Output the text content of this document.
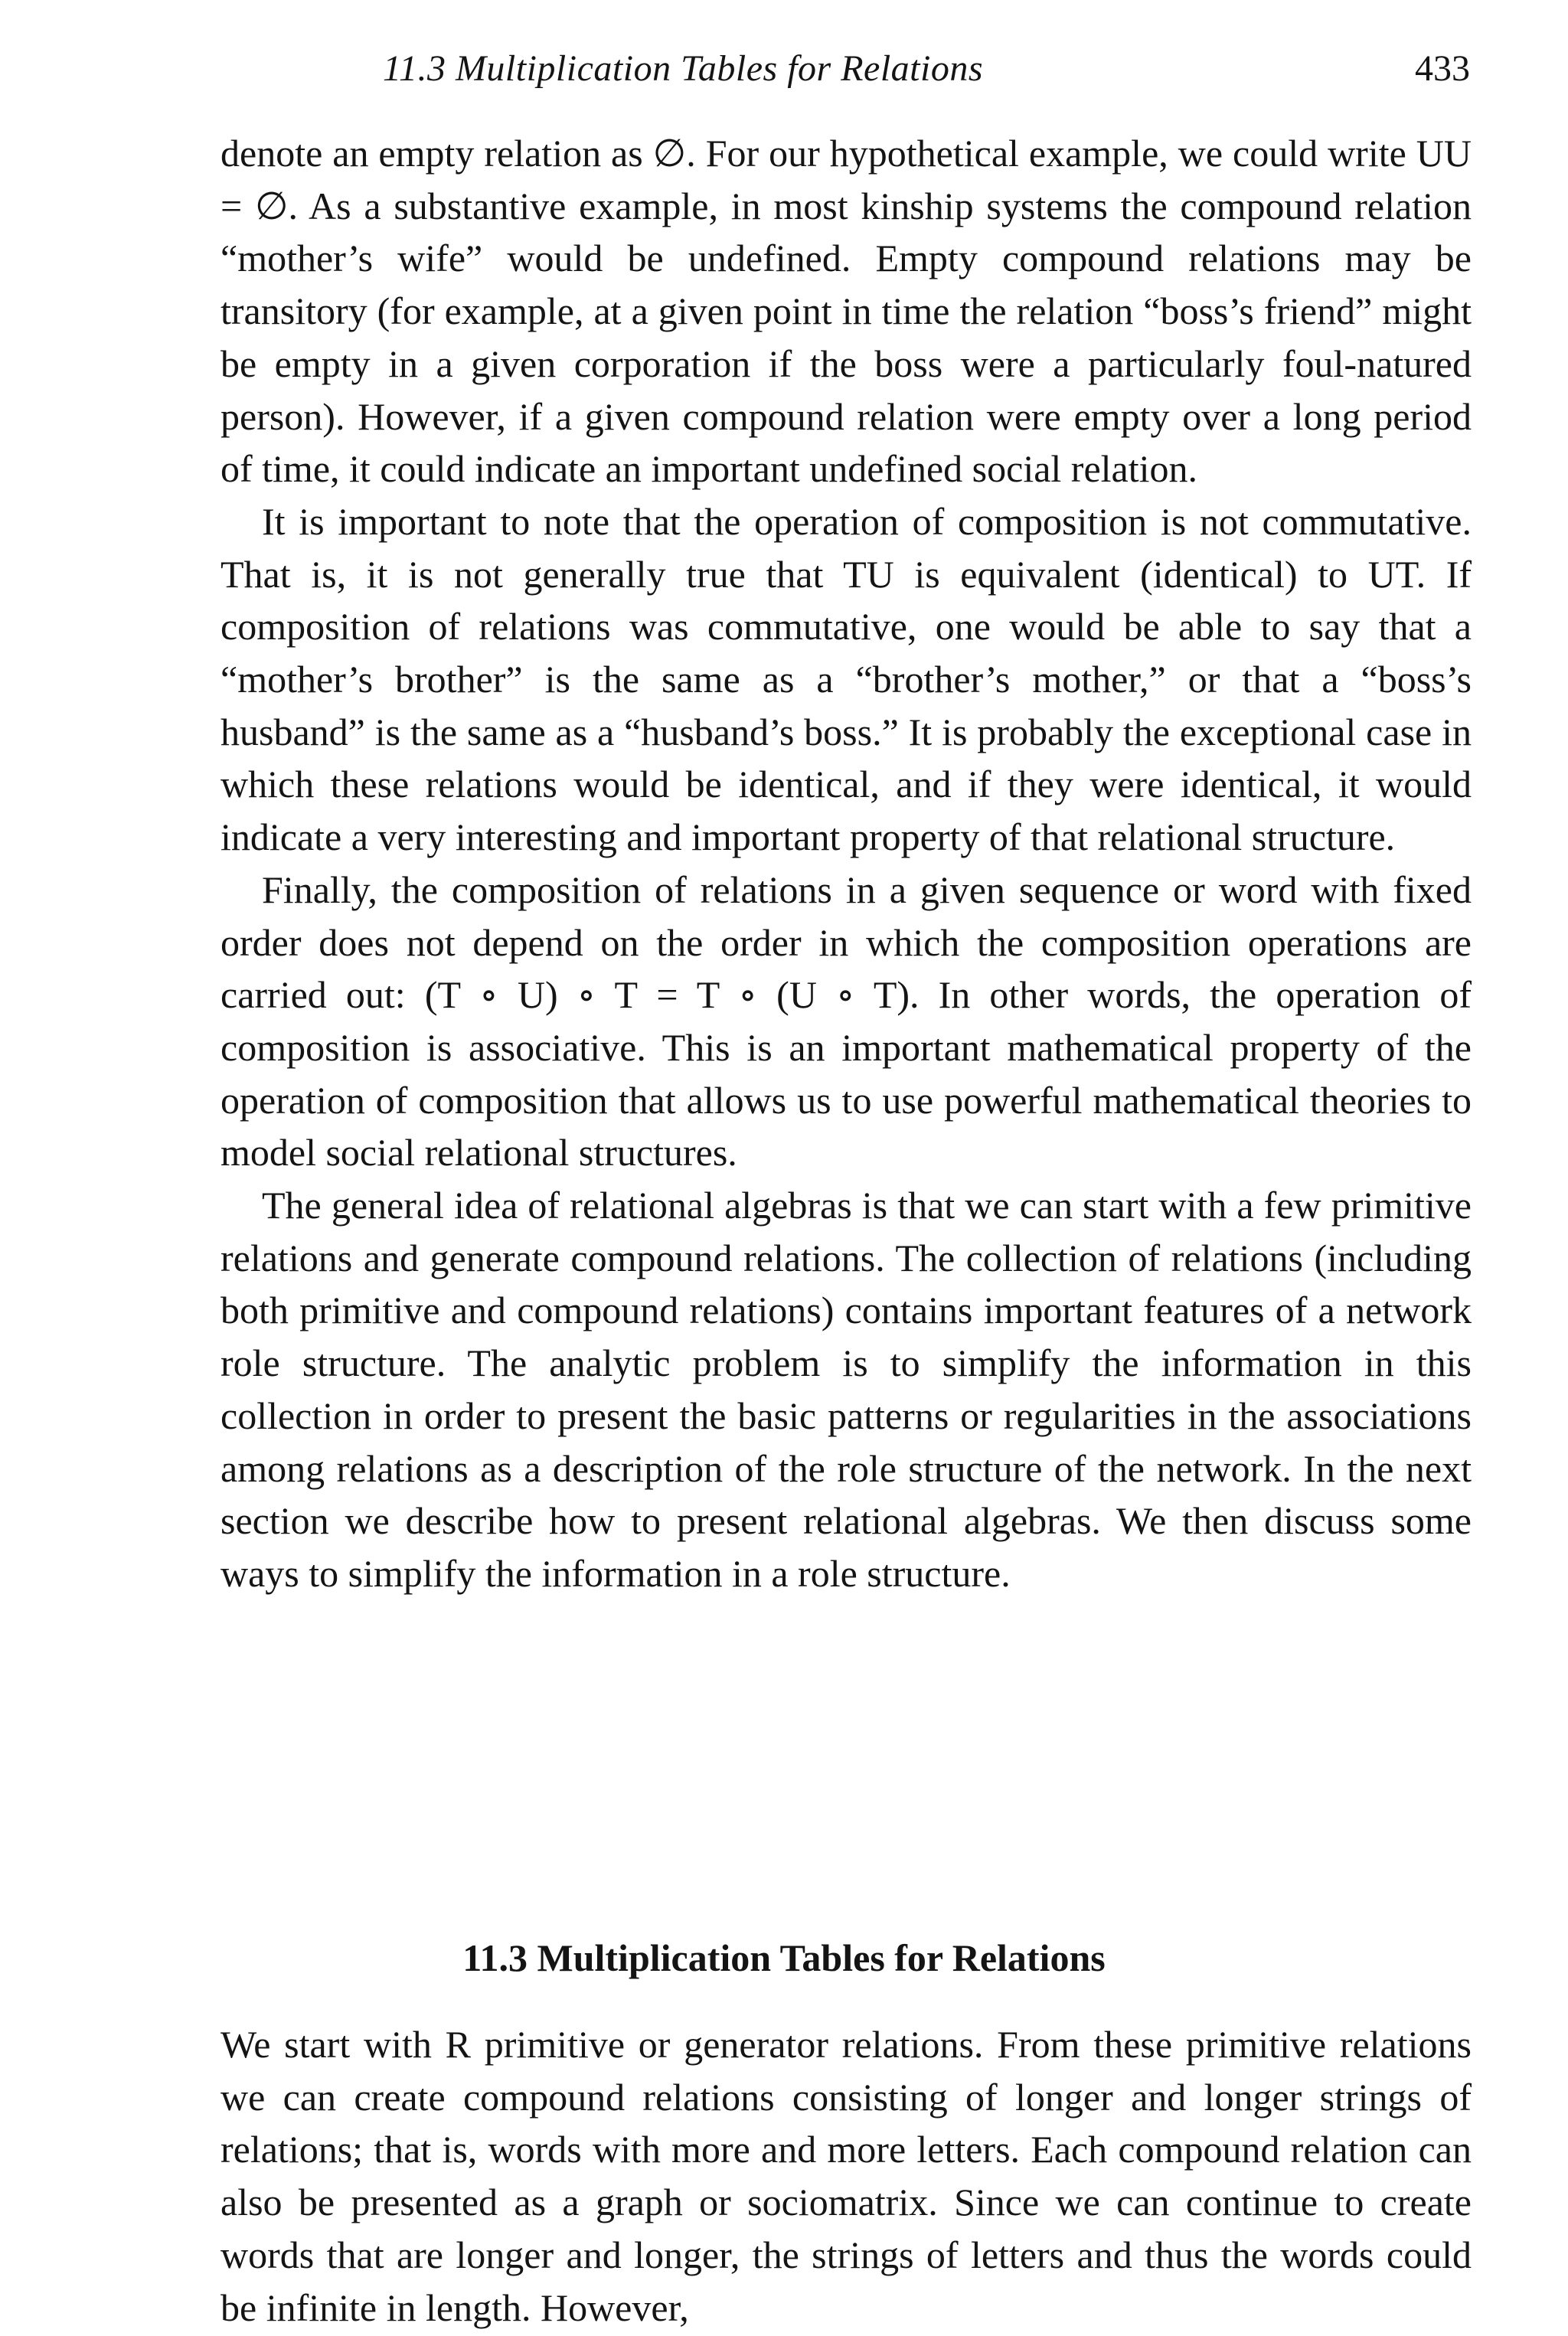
11.3 Multiplication Tables for Relations	433

denote an empty relation as ∅. For our hypothetical example, we could write UU = ∅. As a substantive example, in most kinship systems the compound relation “mother’s wife” would be undefined. Empty compound relations may be transitory (for example, at a given point in time the relation “boss’s friend” might be empty in a given corporation if the boss were a particularly foul-natured person). However, if a given compound relation were empty over a long period of time, it could indicate an important undefined social relation.

It is important to note that the operation of composition is not commutative. That is, it is not generally true that TU is equivalent (identical) to UT. If composition of relations was commutative, one would be able to say that a “mother’s brother” is the same as a “brother’s mother,” or that a “boss’s husband” is the same as a “husband’s boss.” It is probably the exceptional case in which these relations would be identical, and if they were identical, it would indicate a very interesting and important property of that relational structure.

Finally, the composition of relations in a given sequence or word with fixed order does not depend on the order in which the composition operations are carried out: (T ∘ U) ∘ T = T ∘ (U ∘ T). In other words, the operation of composition is associative. This is an important mathematical property of the operation of composition that allows us to use powerful mathematical theories to model social relational structures.

The general idea of relational algebras is that we can start with a few primitive relations and generate compound relations. The collection of relations (including both primitive and compound relations) contains important features of a network role structure. The analytic problem is to simplify the information in this collection in order to present the basic patterns or regularities in the associations among relations as a description of the role structure of the network. In the next section we describe how to present relational algebras. We then discuss some ways to simplify the information in a role structure.

11.3 Multiplication Tables for Relations

We start with R primitive or generator relations. From these primitive relations we can create compound relations consisting of longer and longer strings of relations; that is, words with more and more letters. Each compound relation can also be presented as a graph or sociomatrix. Since we can continue to create words that are longer and longer, the strings of letters and thus the words could be infinite in length. However,
